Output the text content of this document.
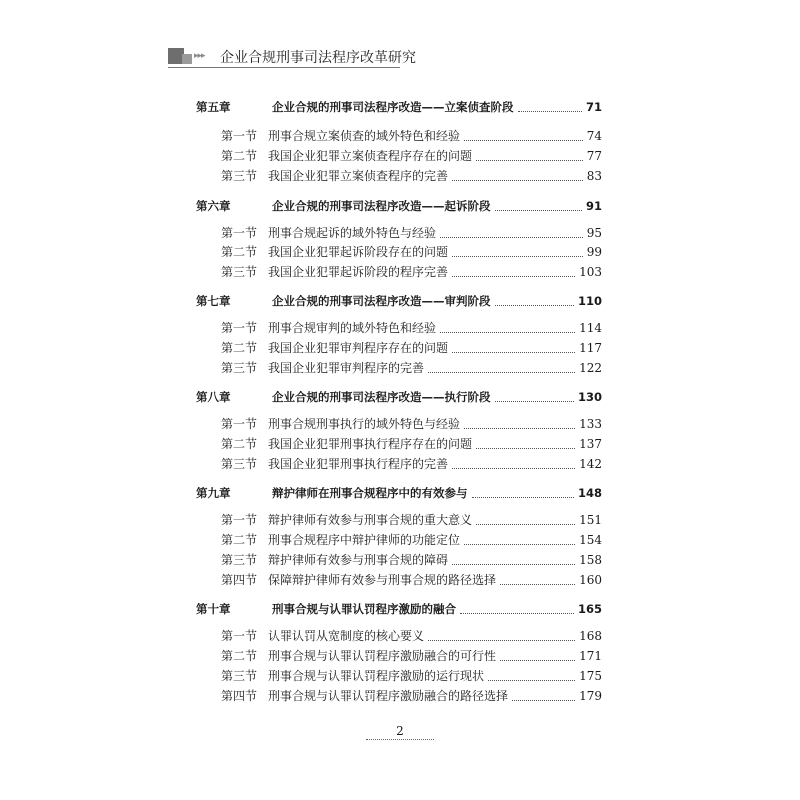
▸▸▸ 企业合规刑事司法程序改革研究
第五章	企业合规的刑事司法程序改造——立案侦查阶段	71
第一节 刑事合规立案侦查的域外特色和经验	74
第二节 我国企业犯罪立案侦查程序存在的问题	77
第三节 我国企业犯罪立案侦查程序的完善	83
第六章	企业合规的刑事司法程序改造——起诉阶段	91
第一节 刑事合规起诉的域外特色与经验	95
第二节 我国企业犯罪起诉阶段存在的问题	99
第三节 我国企业犯罪起诉阶段的程序完善	103
第七章	企业合规的刑事司法程序改造——审判阶段	110
第一节 刑事合规审判的域外特色和经验	114
第二节 我国企业犯罪审判程序存在的问题	117
第三节 我国企业犯罪审判程序的完善	122
第八章	企业合规的刑事司法程序改造——执行阶段	130
第一节 刑事合规刑事执行的域外特色与经验	133
第二节 我国企业犯罪刑事执行程序存在的问题	137
第三节 我国企业犯罪刑事执行程序的完善	142
第九章	辩护律师在刑事合规程序中的有效参与	148
第一节 辩护律师有效参与刑事合规的重大意义	151
第二节 刑事合规程序中辩护律师的功能定位	154
第三节 辩护律师有效参与刑事合规的障碍	158
第四节 保障辩护律师有效参与刑事合规的路径选择	160
第十章	刑事合规与认罪认罚程序激励的融合	165
第一节 认罪认罚从宽制度的核心要义	168
第二节 刑事合规与认罪认罚程序激励融合的可行性	171
第三节 刑事合规与认罪认罚程序激励的运行现状	175
第四节 刑事合规与认罪认罚程序激励融合的路径选择	179
2
